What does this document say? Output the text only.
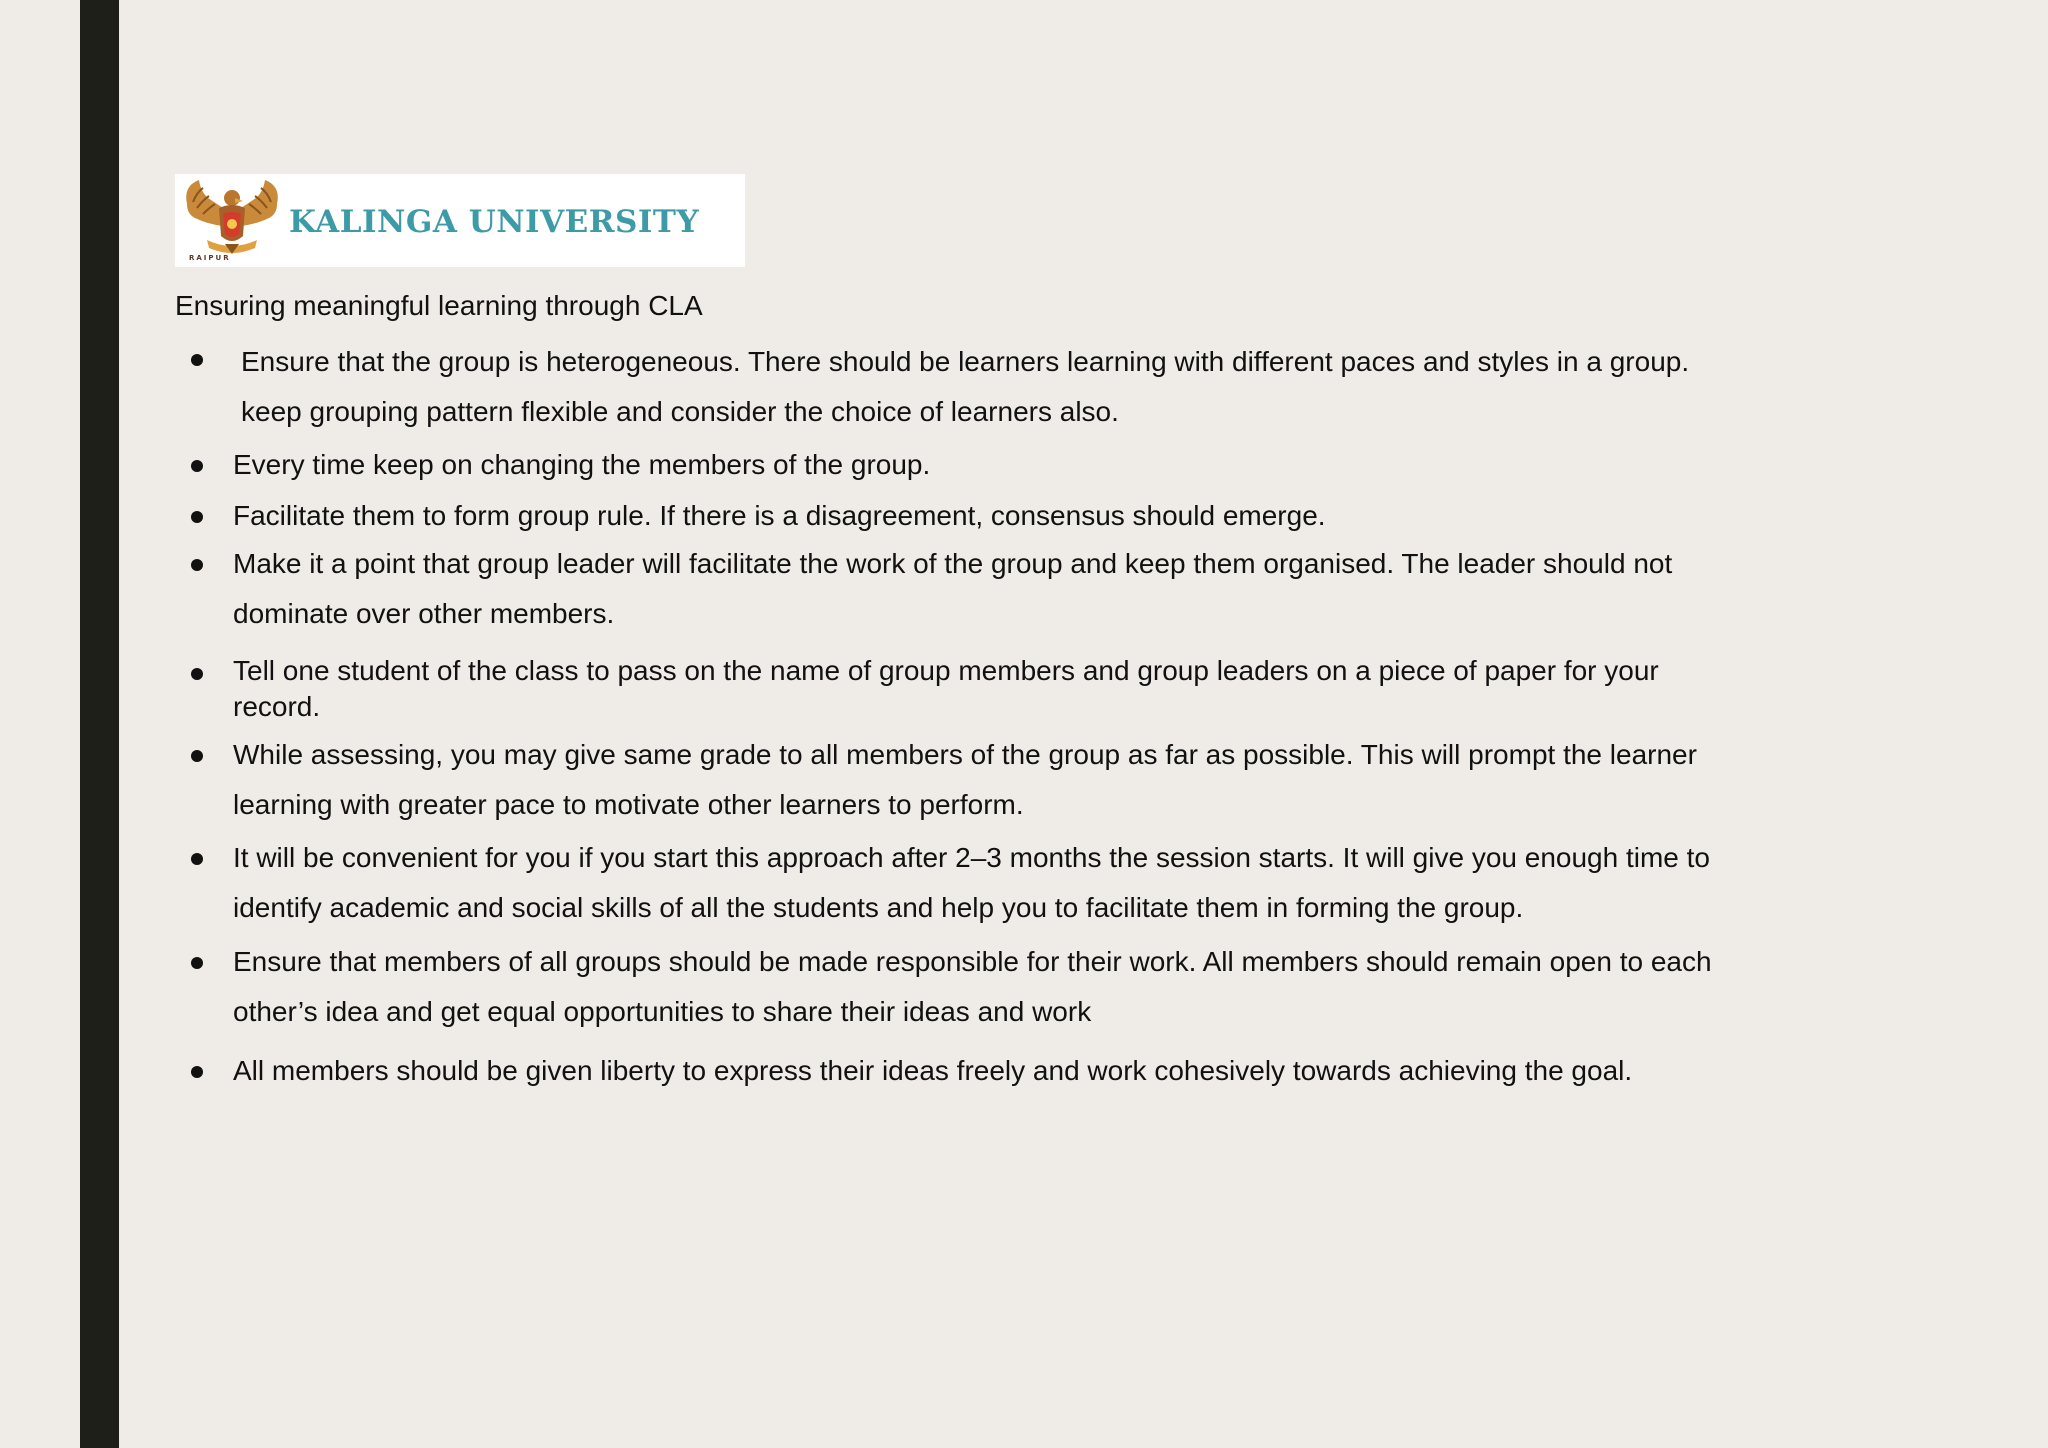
RAIPUR
KALINGA UNIVERSITY
Ensuring meaningful learning through CLA
Ensure that the group is heterogeneous. There should be learners learning with different paces and styles in a group.
keep grouping pattern flexible and consider the choice of learners also.
Every time keep on changing the members of the group.
Facilitate them to form group rule. If there is a disagreement, consensus should emerge.
Make it a point that group leader will facilitate the work of the group and keep them organised. The leader should not
dominate over other members.
Tell one student of the class to pass on the name of group members and group leaders on a piece of paper for your
record.
While assessing, you may give same grade to all members of the group as far as possible. This will prompt the learner
learning with greater pace to motivate other learners to perform.
It will be convenient for you if you start this approach after 2–3 months the session starts. It will give you enough time to
identify academic and social skills of all the students and help you to facilitate them in forming the group.
Ensure that members of all groups should be made responsible for their work. All members should remain open to each
other’s idea and get equal opportunities to share their ideas and work
All members should be given liberty to express their ideas freely and work cohesively towards achieving the goal.
